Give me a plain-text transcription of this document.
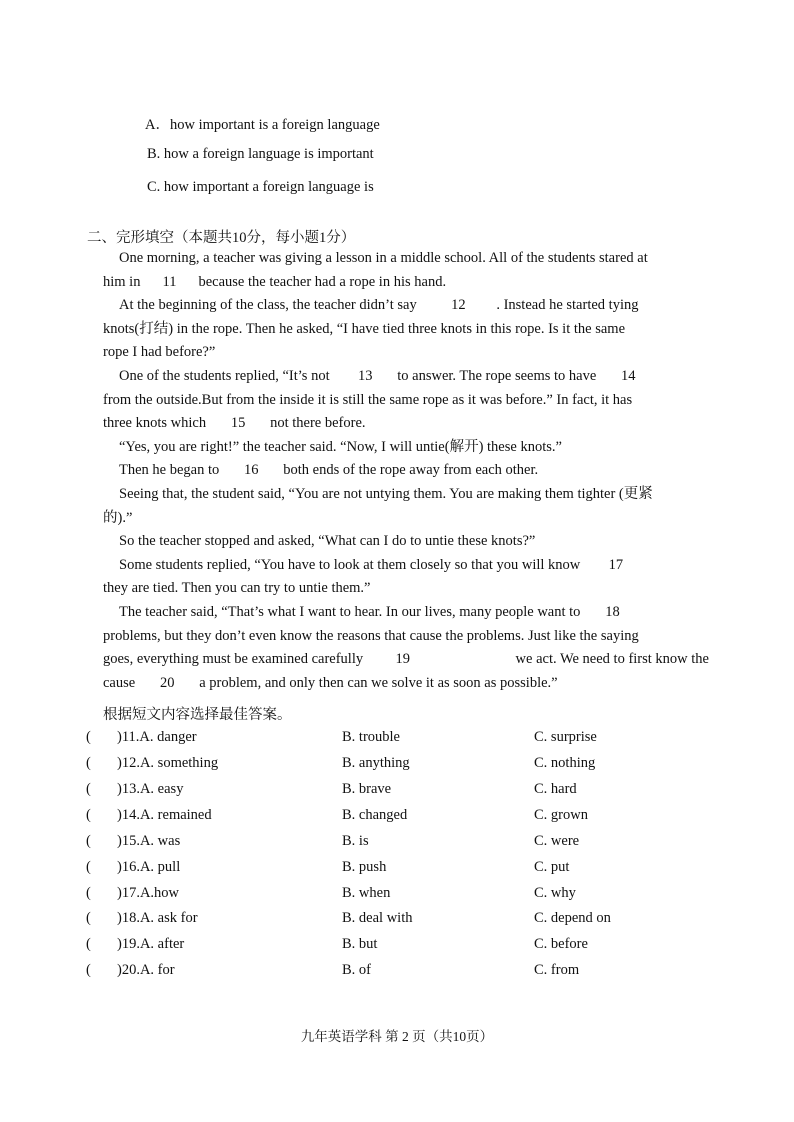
A．how important is a foreign language
B. how a foreign language is important
C. how important a foreign language is
二、完形填空（本题共10分，每小题1分）
One morning, a teacher was giving a lesson in a middle school. All of the students stared at
him in	11	because the teacher had a rope in his hand.
At the beginning of the class, the teacher didn’t say 12 . Instead he started tying
knots(打结) in the rope. Then he asked, “I have tied three knots in this rope. Is it the same
rope I had before?”
One of the students replied, “It’s not 13 to answer. The rope seems to have 14
from the outside.But from the inside it is still the same rope as it was before.” In fact, it has
three knots which	15	not there before.
“Yes, you are right!” the teacher said. “Now, I will untie(解开) these knots.”
Then he began to	16	both ends of the rope away from each other.
Seeing that, the student said, “You are not untying them. You are making them tighter (更紧
的).”
So the teacher stopped and asked, “What can I do to untie these knots?”
Some students replied, “You have to look at them closely so that you will know 17
they are tied. Then you can try to untie them.”
The teacher said, “That’s what I want to hear. In our lives, many people want to 18
problems, but they don’t even know the reasons that cause the problems. Just like the saying
goes, everything must be examined carefully 19	we act. We need to first know the
cause	20	a problem, and only then can we solve it as soon as possible.”
根据短文内容选择最佳答案。
( )11.A. danger	B. trouble	C. surprise
( )12.A. something	B. anything	C. nothing
( )13.A. easy	B. brave	C. hard
( )14.A. remained	B. changed	C. grown
( )15.A. was	B. is	C. were
( )16.A. pull	B. push	C. put
( )17.A.how	B. when	C. why
( )18.A. ask for	B. deal with	C. depend on
( )19.A. after	B. but	C. before
( )20.A. for	B. of	C. from
九年英语学科 第 2 页（共10页）
